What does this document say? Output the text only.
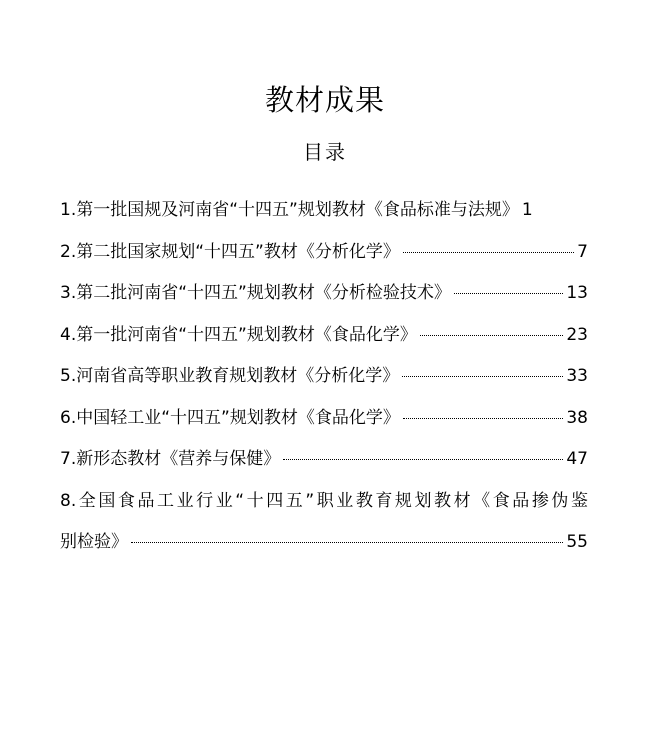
教材成果
目录
1.第一批国规及河南省“十四五”规划教材《食品标准与法规》 1
2.第二批国家规划“十四五”教材《分析化学》	7
3.第二批河南省“十四五”规划教材《分析检验技术》	13
4.第一批河南省“十四五”规划教材《食品化学》	23
5.河南省高等职业教育规划教材《分析化学》	33
6.中国轻工业“十四五”规划教材《食品化学》	38
7.新形态教材《营养与保健》	47
8.全国食品工业行业“十四五”职业教育规划教材《食品掺伪鉴
别检验》	55
